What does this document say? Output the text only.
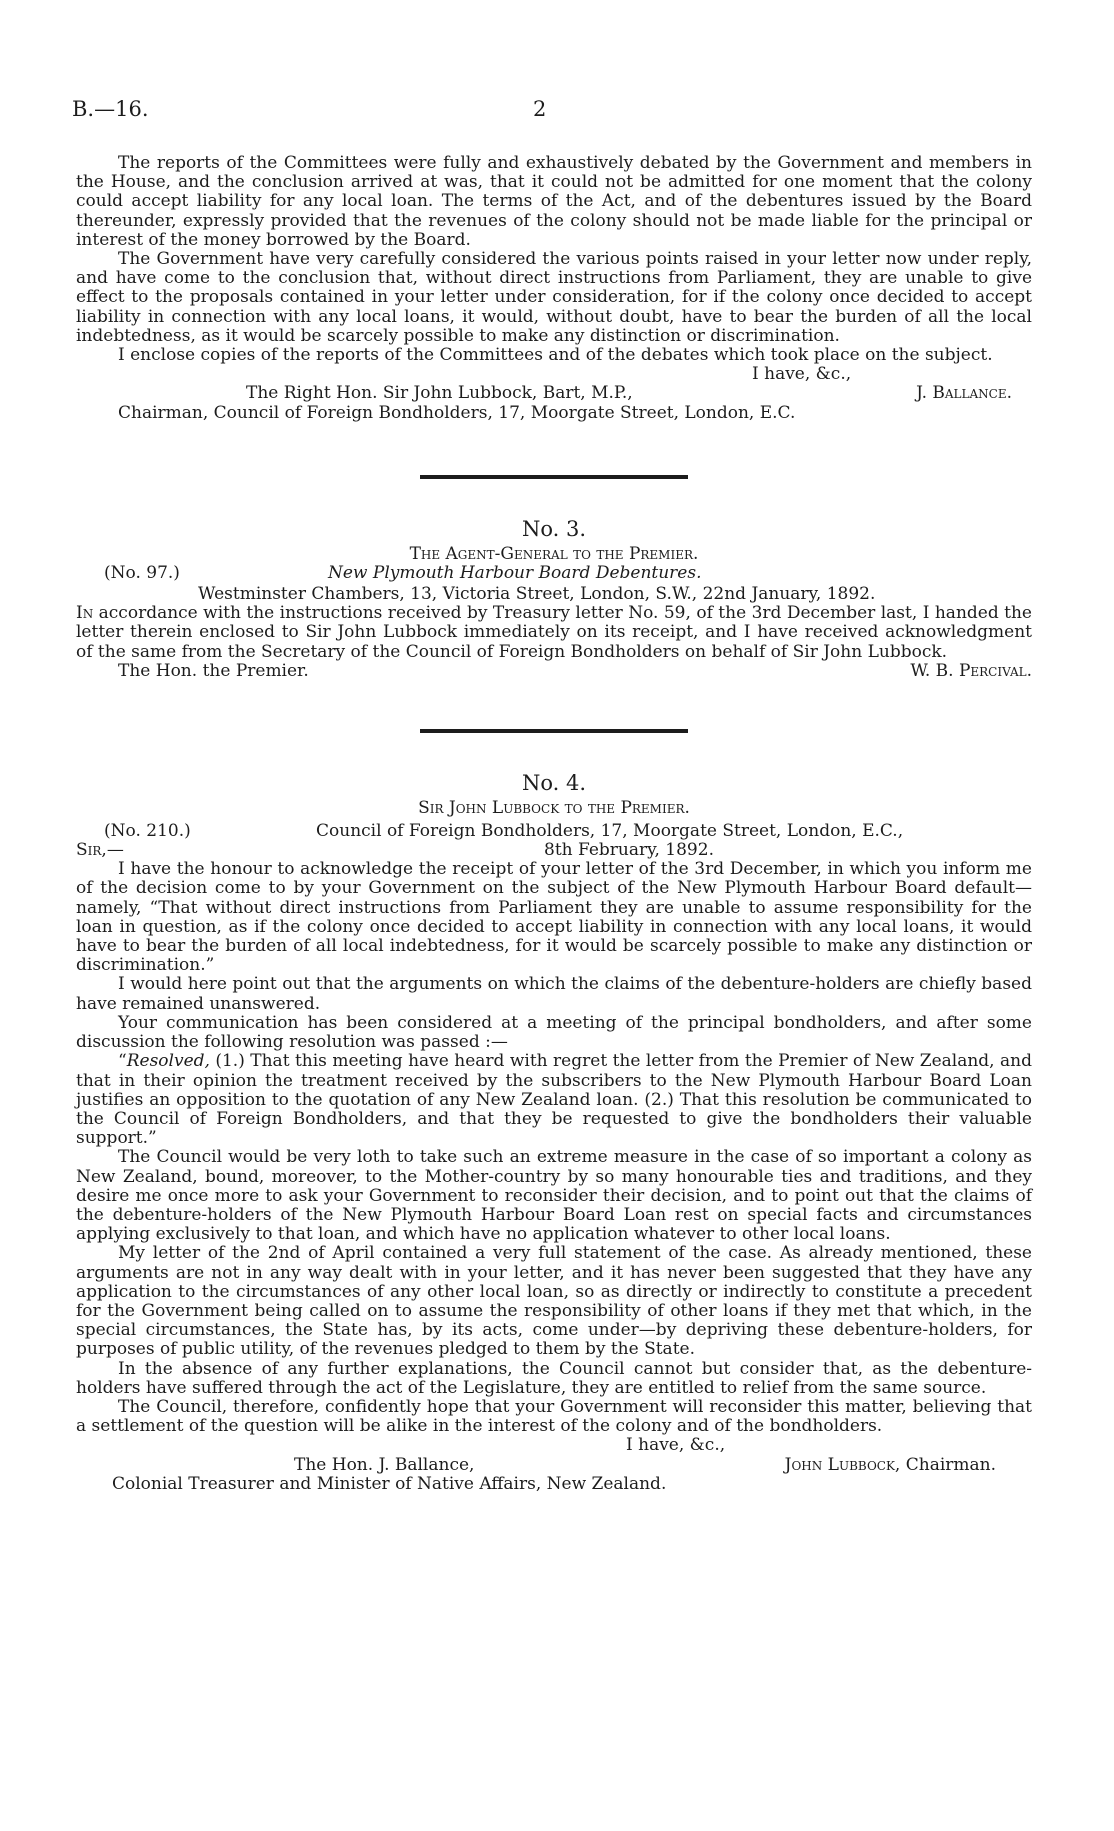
B.—16.	2

The reports of the Committees were fully and exhaustively debated by the Government and members in the House, and the conclusion arrived at was, that it could not be admitted for one moment that the colony could accept liability for any local loan. The terms of the Act, and of the debentures issued by the Board thereunder, expressly provided that the revenues of the colony should not be made liable for the principal or interest of the money borrowed by the Board.

The Government have very carefully considered the various points raised in your letter now under reply, and have come to the conclusion that, without direct instructions from Parliament, they are unable to give effect to the proposals contained in your letter under consideration, for if the colony once decided to accept liability in connection with any local loans, it would, without doubt, have to bear the burden of all the local indebtedness, as it would be scarcely possible to make any distinction or discrimination.

I enclose copies of the reports of the Committees and of the debates which took place on the subject.

I have, &c.,
The Right Hon. Sir John Lubbock, Bart, M.P.,	J. Ballance.
Chairman, Council of Foreign Bondholders, 17, Moorgate Street, London, E.C.
No. 3.
The Agent-General to the Premier.
(No. 97.)	New Plymouth Harbour Board Debentures.
Westminster Chambers, 13, Victoria Street, London, S.W., 22nd January, 1892.

In accordance with the instructions received by Treasury letter No. 59, of the 3rd December last, I handed the letter therein enclosed to Sir John Lubbock immediately on its receipt, and I have received acknowledgment of the same from the Secretary of the Council of Foreign Bondholders on behalf of Sir John Lubbock.

The Hon. the Premier.	W. B. Percival.
No. 4.
Sir John Lubbock to the Premier.
(No. 210.)	Council of Foreign Bondholders, 17, Moorgate Street, London, E.C.,
Sir,—	8th February, 1892.

I have the honour to acknowledge the receipt of your letter of the 3rd December, in which you inform me of the decision come to by your Government on the subject of the New Plymouth Harbour Board default—namely, “That without direct instructions from Parliament they are unable to assume responsibility for the loan in question, as if the colony once decided to accept liability in connection with any local loans, it would have to bear the burden of all local indebtedness, for it would be scarcely possible to make any distinction or discrimination.”

I would here point out that the arguments on which the claims of the debenture-holders are chiefly based have remained unanswered.

Your communication has been considered at a meeting of the principal bondholders, and after some discussion the following resolution was passed :—

“Resolved, (1.) That this meeting have heard with regret the letter from the Premier of New Zealand, and that in their opinion the treatment received by the subscribers to the New Plymouth Harbour Board Loan justifies an opposition to the quotation of any New Zealand loan. (2.) That this resolution be communicated to the Council of Foreign Bondholders, and that they be requested to give the bondholders their valuable support.”

The Council would be very loth to take such an extreme measure in the case of so important a colony as New Zealand, bound, moreover, to the Mother-country by so many honourable ties and traditions, and they desire me once more to ask your Government to reconsider their decision, and to point out that the claims of the debenture-holders of the New Plymouth Harbour Board Loan rest on special facts and circumstances applying exclusively to that loan, and which have no application whatever to other local loans.

My letter of the 2nd of April contained a very full statement of the case. As already mentioned, these arguments are not in any way dealt with in your letter, and it has never been suggested that they have any application to the circumstances of any other local loan, so as directly or indirectly to constitute a precedent for the Government being called on to assume the responsibility of other loans if they met that which, in the special circumstances, the State has, by its acts, come under—by depriving these debenture-holders, for purposes of public utility, of the revenues pledged to them by the State.

In the absence of any further explanations, the Council cannot but consider that, as the debenture-holders have suffered through the act of the Legislature, they are entitled to relief from the same source.

The Council, therefore, confidently hope that your Government will reconsider this matter, believing that a settlement of the question will be alike in the interest of the colony and of the bondholders.

I have, &c.,
The Hon. J. Ballance,	John Lubbock, Chairman.
Colonial Treasurer and Minister of Native Affairs, New Zealand.
